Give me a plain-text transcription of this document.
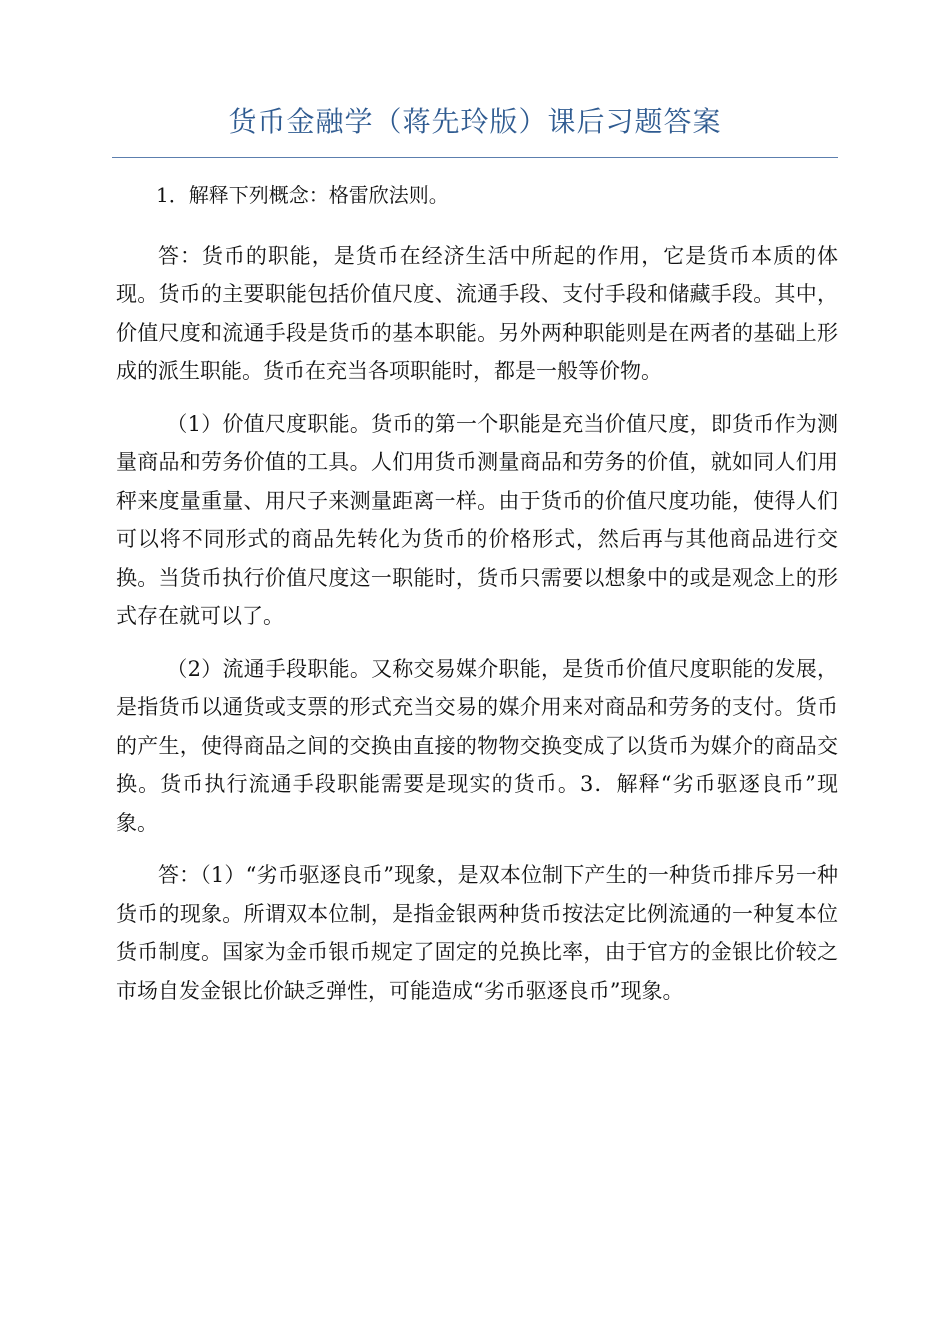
货币金融学（蒋先玲版）课后习题答案

1．解释下列概念：格雷欣法则。

答：货币的职能，是货币在经济生活中所起的作用，它是货币本质的体现。货币的主要职能包括价值尺度、流通手段、支付手段和储藏手段。其中，价值尺度和流通手段是货币的基本职能。另外两种职能则是在两者的基础上形成的派生职能。货币在充当各项职能时，都是一般等价物。

（1）价值尺度职能。货币的第一个职能是充当价值尺度，即货币作为测量商品和劳务价值的工具。人们用货币测量商品和劳务的价值，就如同人们用秤来度量重量、用尺子来测量距离一样。由于货币的价值尺度功能，使得人们可以将不同形式的商品先转化为货币的价格形式，然后再与其他商品进行交换。当货币执行价值尺度这一职能时，货币只需要以想象中的或是观念上的形式存在就可以了。

（2）流通手段职能。又称交易媒介职能，是货币价值尺度职能的发展，是指货币以通货或支票的形式充当交易的媒介用来对商品和劳务的支付。货币的产生，使得商品之间的交换由直接的物物交换变成了以货币为媒介的商品交换。货币执行流通手段职能需要是现实的货币。3．解释“劣币驱逐良币”现象。

答：（1）“劣币驱逐良币”现象，是双本位制下产生的一种货币排斥另一种货币的现象。所谓双本位制，是指金银两种货币按法定比例流通的一种复本位货币制度。国家为金币银币规定了固定的兑换比率，由于官方的金银比价较之市场自发金银比价缺乏弹性，可能造成“劣币驱逐良币”现象。
